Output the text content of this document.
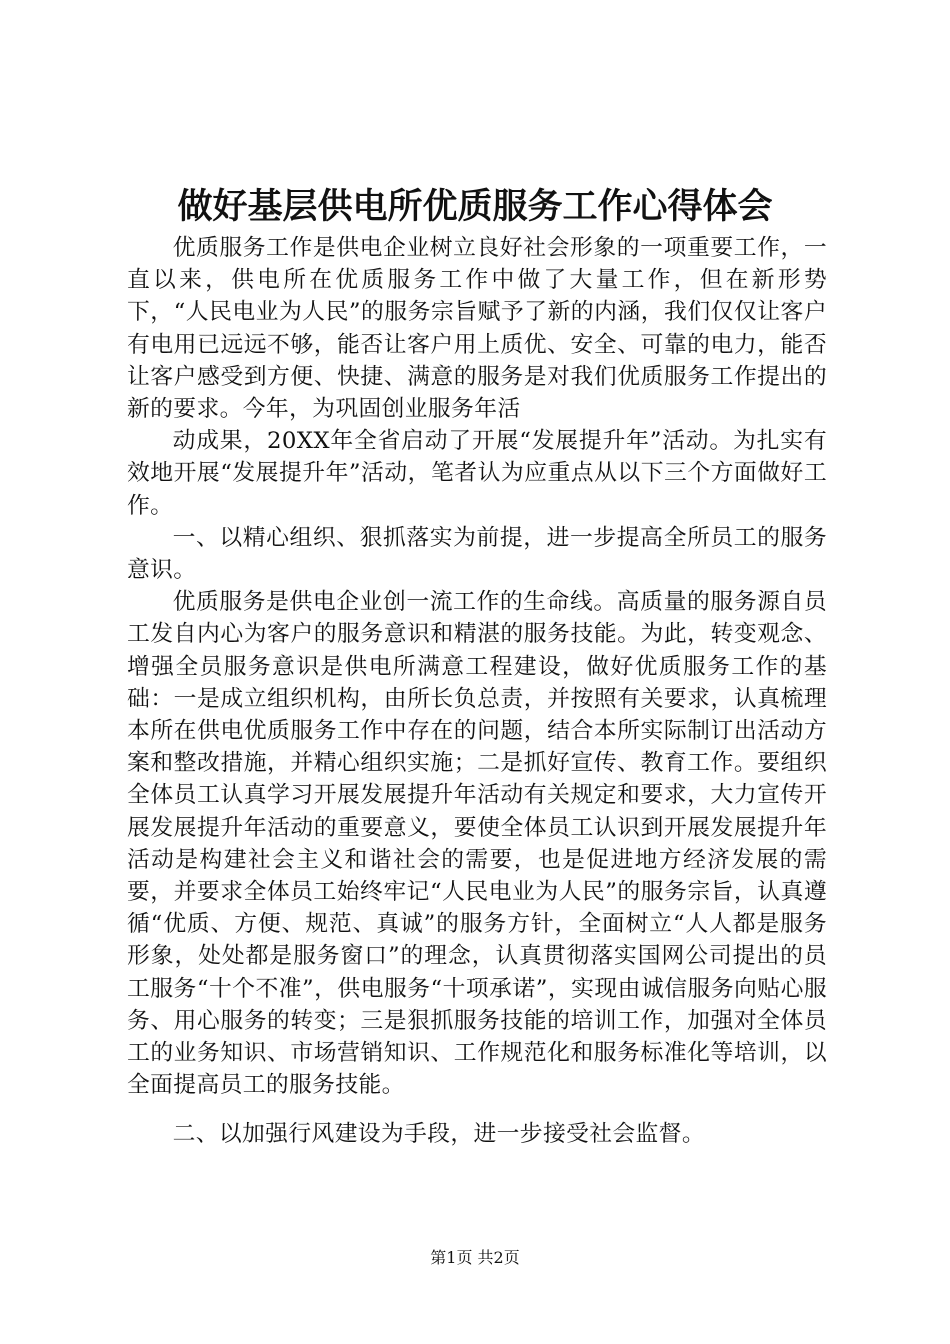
做好基层供电所优质服务工作心得体会

优质服务工作是供电企业树立良好社会形象的一项重要工作，一直以来，供电所在优质服务工作中做了大量工作，但在新形势下，“人民电业为人民”的服务宗旨赋予了新的内涵，我们仅仅让客户有电用已远远不够，能否让客户用上质优、安全、可靠的电力，能否让客户感受到方便、快捷、满意的服务是对我们优质服务工作提出的新的要求。今年，为巩固创业服务年活

动成果，20XX年全省启动了开展“发展提升年”活动。为扎实有效地开展“发展提升年”活动，笔者认为应重点从以下三个方面做好工作。

一、以精心组织、狠抓落实为前提，进一步提高全所员工的服务意识。

优质服务是供电企业创一流工作的生命线。高质量的服务源自员工发自内心为客户的服务意识和精湛的服务技能。为此，转变观念、增强全员服务意识是供电所满意工程建设，做好优质服务工作的基础：一是成立组织机构，由所长负总责，并按照有关要求，认真梳理本所在供电优质服务工作中存在的问题，结合本所实际制订出活动方案和整改措施，并精心组织实施；二是抓好宣传、教育工作。要组织全体员工认真学习开展发展提升年活动有关规定和要求，大力宣传开展发展提升年活动的重要意义，要使全体员工认识到开展发展提升年活动是构建社会主义和谐社会的需要，也是促进地方经济发展的需要，并要求全体员工始终牢记“人民电业为人民”的服务宗旨，认真遵循“优质、方便、规范、真诚”的服务方针，全面树立“人人都是服务形象，处处都是服务窗口”的理念，认真贯彻落实国网公司提出的员工服务“十个不准”，供电服务“十项承诺”，实现由诚信服务向贴心服务、用心服务的转变；三是狠抓服务技能的培训工作，加强对全体员工的业务知识、市场营销知识、工作规范化和服务标准化等培训，以全面提高员工的服务技能。

二、以加强行风建设为手段，进一步接受社会监督。

第1页 共2页
